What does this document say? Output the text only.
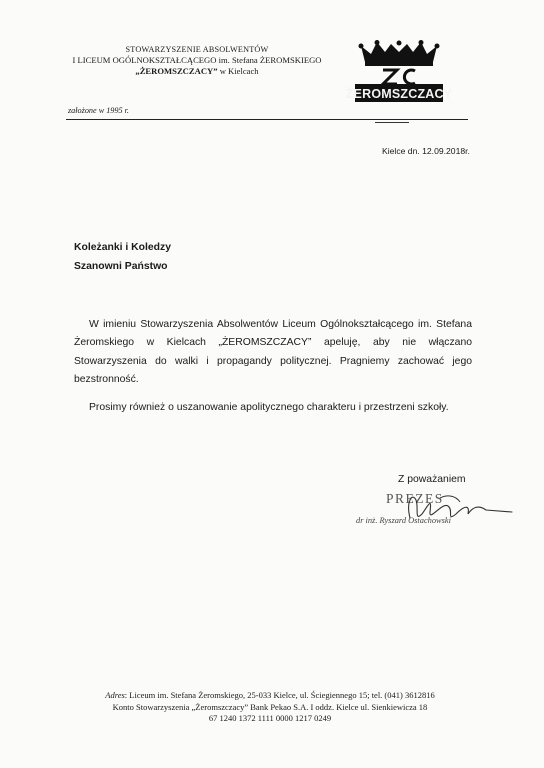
STOWARZYSZENIE ABSOLWENTÓW
I LICEUM OGÓLNOKSZTAŁCĄCEGO im. Stefana ŻEROMSKIEGO
„ŻEROMSZCZACY” w Kielcach
ŻEROMSZCZACY
założone w 1995 r.
Kielce dn. 12.09.2018r.
Koleżanki i Koledzy
Szanowni Państwo

W imieniu Stowarzyszenia Absolwentów Liceum Ogólnokształcącego im. Stefana Żeromskiego w Kielcach „ŻEROMSZCZACY” apeluję, aby nie włączano Stowarzyszenia do walki i propagandy politycznej. Pragniemy zachować jego bezstronność.

Prosimy również o uszanowanie apolitycznego charakteru i przestrzeni szkoły.

Z poważaniem
PREZES
dr inż. Ryszard Ostachowski
Adres: Liceum im. Stefana Żeromskiego, 25-033 Kielce, ul. Ściegiennego 15; tel. (041) 3612816
Konto Stowarzyszenia „Żeromszczacy” Bank Pekao S.A. I oddz. Kielce ul. Sienkiewicza 18
67 1240 1372 1111 0000 1217 0249
